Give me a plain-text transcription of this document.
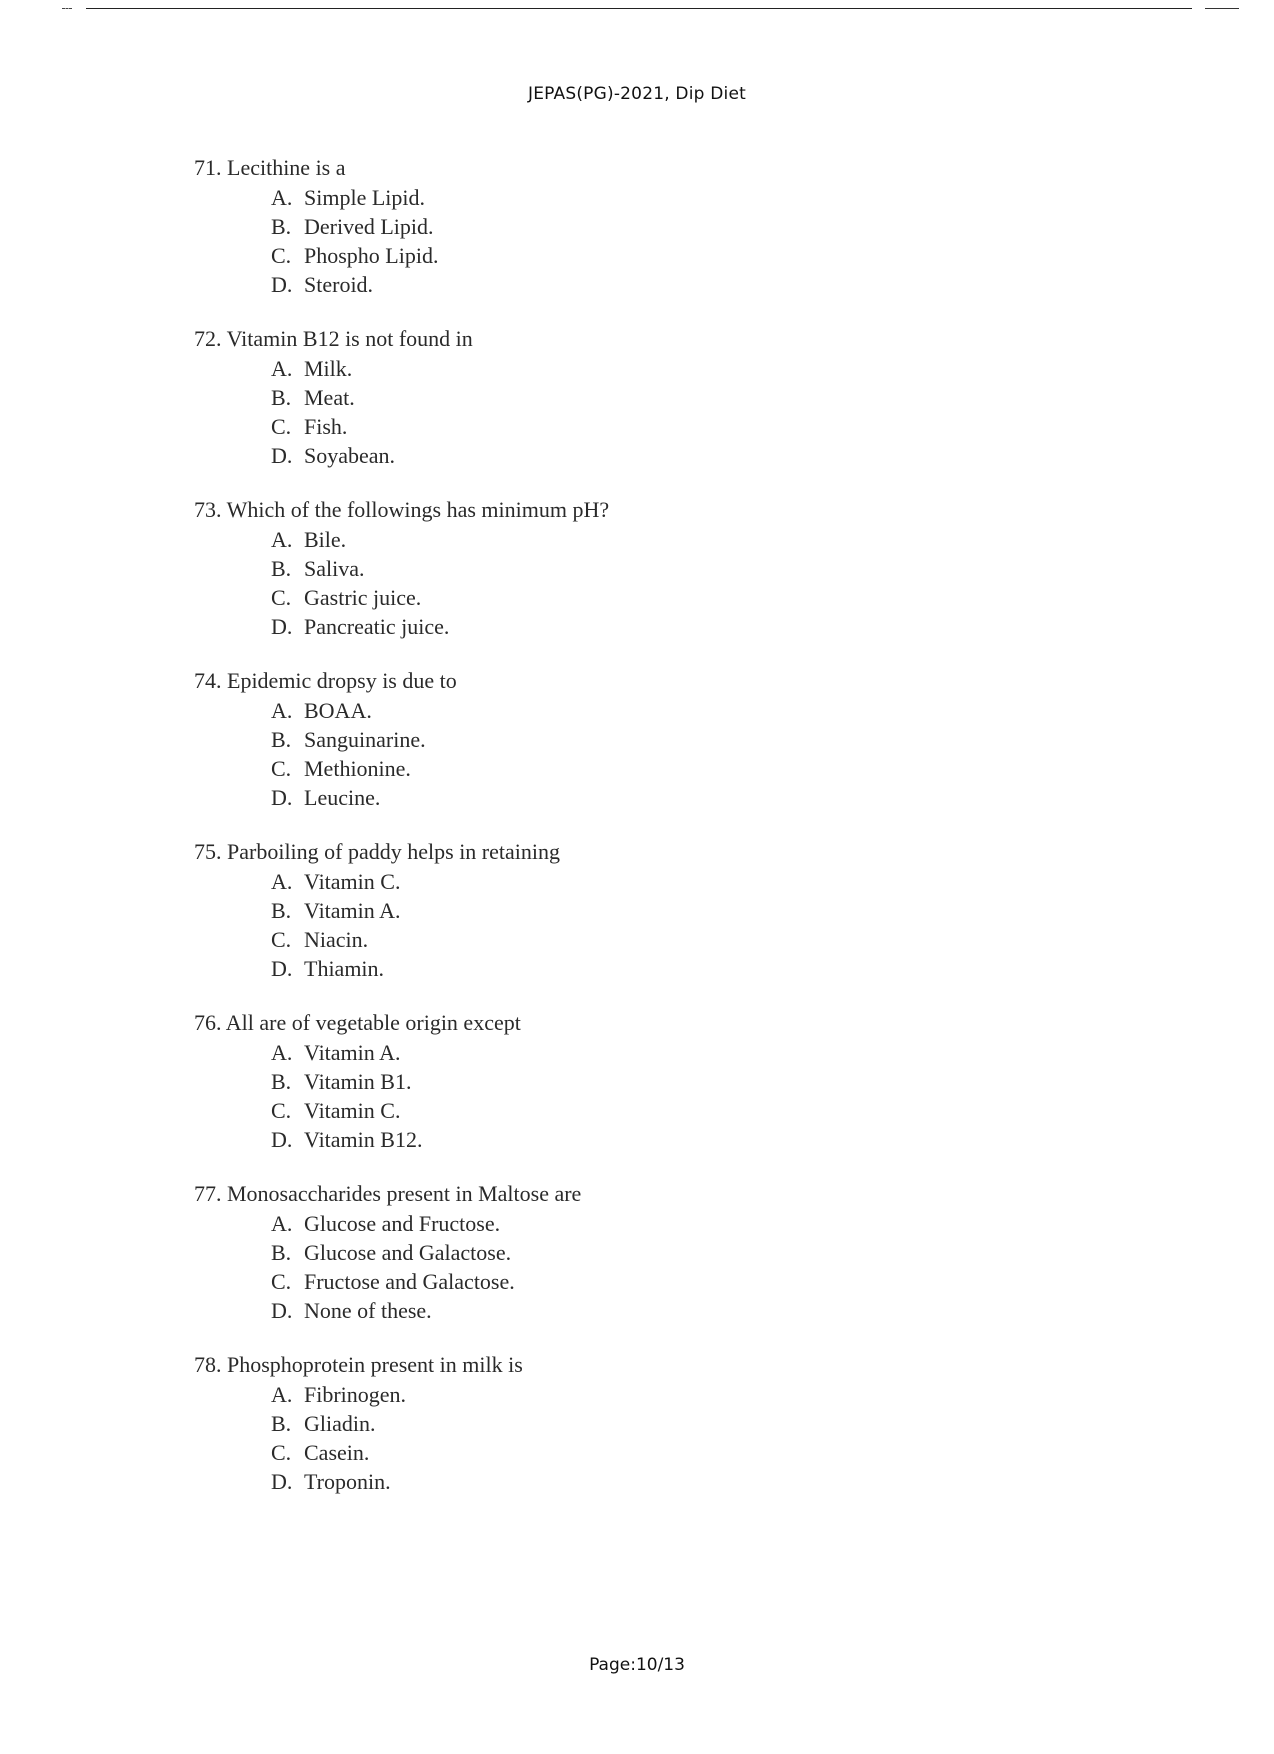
JEPAS(PG)-2021, Dip Diet
71. Lecithine is a
A. Simple Lipid.
B. Derived Lipid.
C. Phospho Lipid.
D. Steroid.
72. Vitamin B12 is not found in
A. Milk.
B. Meat.
C. Fish.
D. Soyabean.
73. Which of the followings has minimum pH?
A. Bile.
B. Saliva.
C. Gastric juice.
D. Pancreatic juice.
74. Epidemic dropsy is due to
A. BOAA.
B. Sanguinarine.
C. Methionine.
D. Leucine.
75. Parboiling of paddy helps in retaining
A. Vitamin C.
B. Vitamin A.
C. Niacin.
D. Thiamin.
76. All are of vegetable origin except
A. Vitamin A.
B. Vitamin B1.
C. Vitamin C.
D. Vitamin B12.
77. Monosaccharides present in Maltose are
A. Glucose and Fructose.
B. Glucose and Galactose.
C. Fructose and Galactose.
D. None of these.
78. Phosphoprotein present in milk is
A. Fibrinogen.
B. Gliadin.
C. Casein.
D. Troponin.
Page:10/13
